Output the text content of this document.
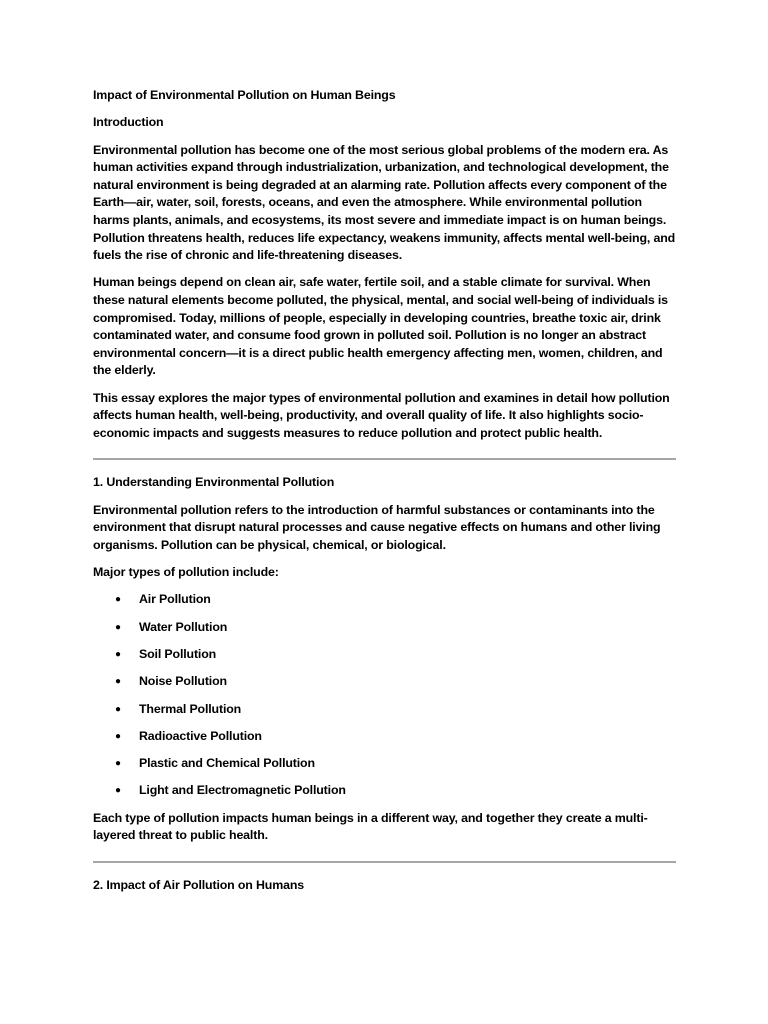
Impact of Environmental Pollution on Human Beings
Introduction
Environmental pollution has become one of the most serious global problems of the modern era. As human activities expand through industrialization, urbanization, and technological development, the natural environment is being degraded at an alarming rate. Pollution affects every component of the Earth—air, water, soil, forests, oceans, and even the atmosphere. While environmental pollution harms plants, animals, and ecosystems, its most severe and immediate impact is on human beings. Pollution threatens health, reduces life expectancy, weakens immunity, affects mental well-being, and fuels the rise of chronic and life-threatening diseases.
Human beings depend on clean air, safe water, fertile soil, and a stable climate for survival. When these natural elements become polluted, the physical, mental, and social well-being of individuals is compromised. Today, millions of people, especially in developing countries, breathe toxic air, drink contaminated water, and consume food grown in polluted soil. Pollution is no longer an abstract environmental concern—it is a direct public health emergency affecting men, women, children, and the elderly.
This essay explores the major types of environmental pollution and examines in detail how pollution affects human health, well-being, productivity, and overall quality of life. It also highlights socio-economic impacts and suggests measures to reduce pollution and protect public health.
1. Understanding Environmental Pollution
Environmental pollution refers to the introduction of harmful substances or contaminants into the environment that disrupt natural processes and cause negative effects on humans and other living organisms. Pollution can be physical, chemical, or biological.
Major types of pollution include:
● Air Pollution
● Water Pollution
● Soil Pollution
● Noise Pollution
● Thermal Pollution
● Radioactive Pollution
● Plastic and Chemical Pollution
● Light and Electromagnetic Pollution
Each type of pollution impacts human beings in a different way, and together they create a multi-layered threat to public health.
2. Impact of Air Pollution on Humans
